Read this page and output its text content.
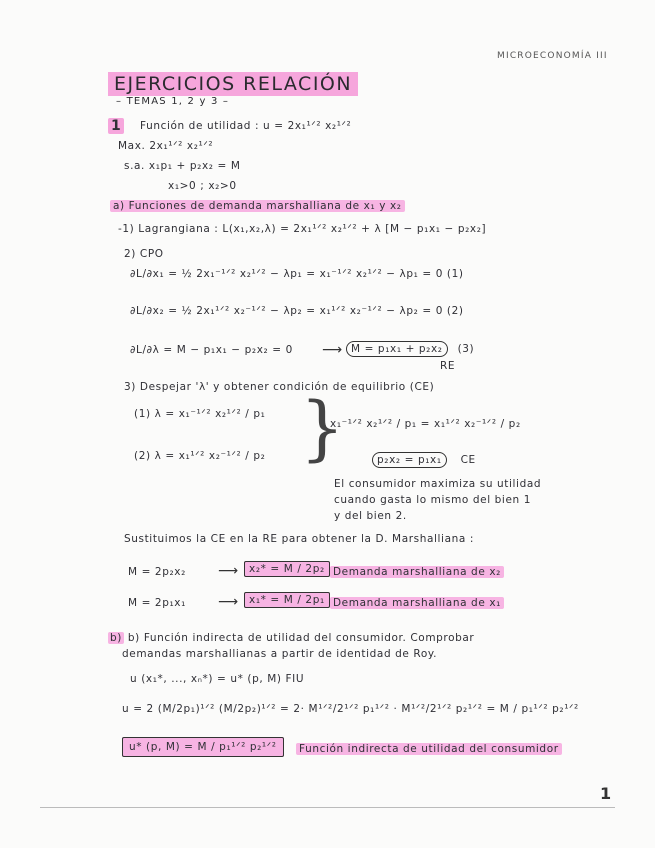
MICROECONOMÍA III
EJERCICIOS RELACIÓN
– TEMAS 1, 2 y 3 –
1 Función de utilidad : u = 2x₁¹ᐟ² x₂¹ᐟ²
Max. 2x₁¹ᐟ² x₂¹ᐟ²
s.a. x₁p₁ + p₂x₂ = M
x₁>0 ; x₂>0
a) Funciones de demanda marshalliana de x₁ y x₂
-1) Lagrangiana : L(x₁,x₂,λ) = 2x₁¹ᐟ² x₂¹ᐟ² + λ [M − p₁x₁ − p₂x₂]
2) CPO
∂L/∂x₁ = ½ 2x₁⁻¹ᐟ² x₂¹ᐟ² − λp₁ = x₁⁻¹ᐟ² x₂¹ᐟ² − λp₁ = 0 (1)
∂L/∂x₂ = ½ 2x₁¹ᐟ² x₂⁻¹ᐟ² − λp₂ = x₁¹ᐟ² x₂⁻¹ᐟ² − λp₂ = 0 (2)
∂L/∂λ = M − p₁x₁ − p₂x₂ = 0 ⟶ M = p₁x₁ + p₂x₂ (3)
RE
3) Despejar 'λ' y obtener condición de equilibrio (CE)
(1) λ = x₁⁻¹ᐟ² x₂¹ᐟ² / p₁
(2) λ = x₁¹ᐟ² x₂⁻¹ᐟ² / p₂ }
x₁⁻¹ᐟ² x₂¹ᐟ² / p₁ = x₁¹ᐟ² x₂⁻¹ᐟ² / p₂
p₂x₂ = p₁x₁ CE
El consumidor maximiza su utilidad
cuando gasta lo mismo del bien 1
y del bien 2.
Sustituimos la CE en la RE para obtener la D. Marshalliana :
M = 2p₂x₂ ⟶	x₂* = M / 2p₂ Demanda marshalliana de x₂
M = 2p₁x₁ ⟶	x₁* = M / 2p₁ Demanda marshalliana de x₁
b) b) Función indirecta de utilidad del consumidor. Comprobar
demandas marshallianas a partir de identidad de Roy.
u (x₁*, ..., xₙ*) = u* (p, M) FIU
u = 2 (M/2p₁)¹ᐟ² (M/2p₂)¹ᐟ² = 2· M¹ᐟ²/2¹ᐟ² p₁¹ᐟ² · M¹ᐟ²/2¹ᐟ² p₂¹ᐟ² = M / p₁¹ᐟ² p₂¹ᐟ²
u* (p, M) = M / p₁¹ᐟ² p₂¹ᐟ²	Función indirecta de utilidad del consumidor
1
